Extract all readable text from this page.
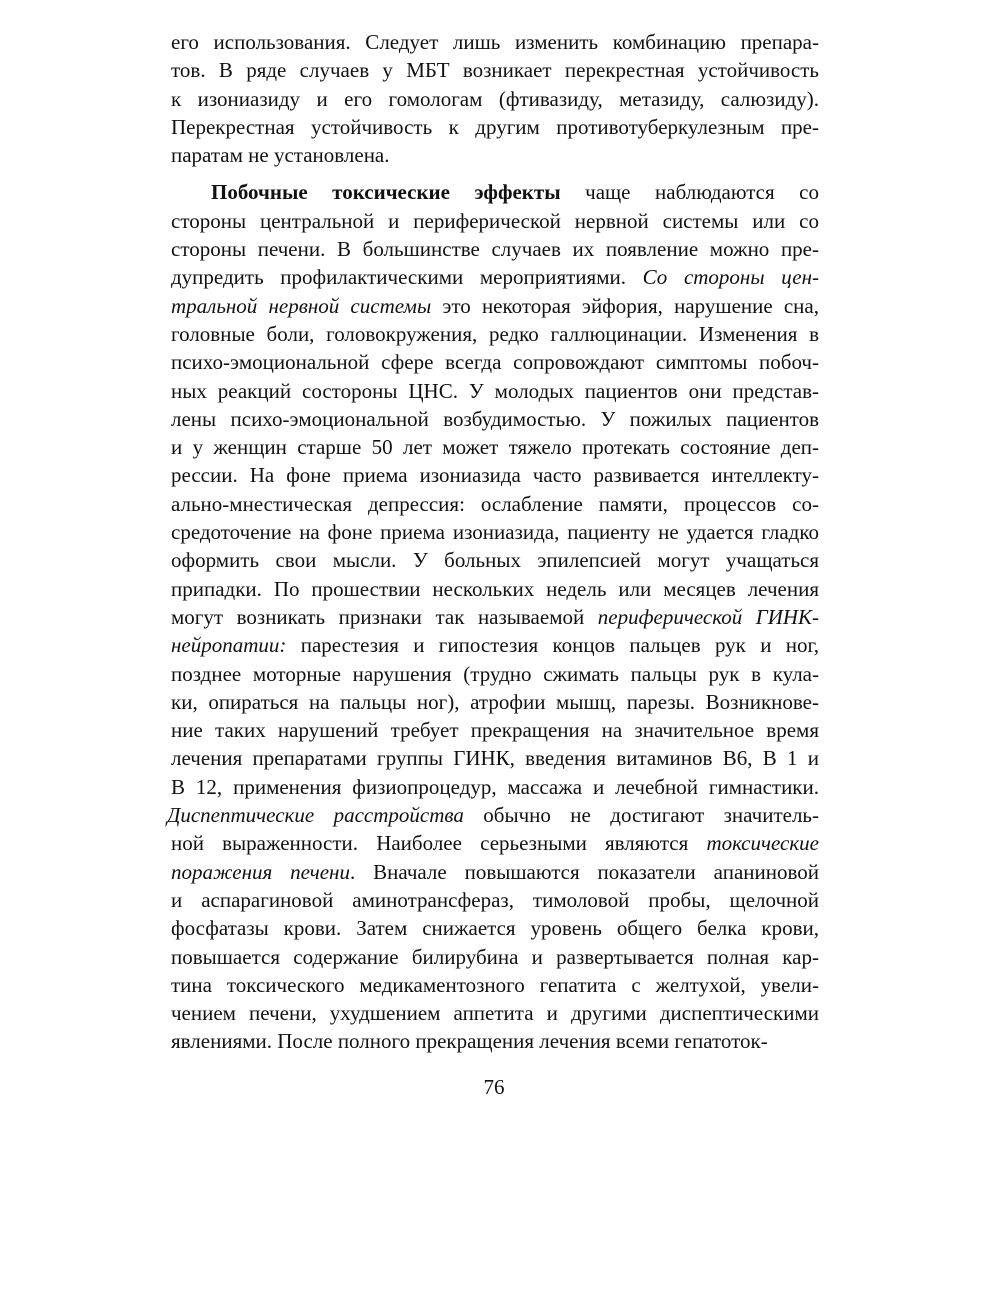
его использования. Следует лишь изменить комбинацию препара-
тов. В ряде случаев у МБТ возникает перекрестная устойчивость
к изониазиду и его гомологам (фтивазиду, метазиду, салюзиду).
Перекрестная устойчивость к другим противотуберкулезным пре-
паратам не установлена.
Побочные токсические эффекты чаще наблюдаются со
стороны центральной и периферической нервной системы или со
стороны печени. В большинстве случаев их появление можно пре-
дупредить профилактическими мероприятиями. Со стороны цен-
тральной нервной системы это некоторая эйфория, нарушение сна,
головные боли, головокружения, редко галлюцинации. Изменения в
психо-эмоциональной сфере всегда сопровождают симптомы побоч-
ных реакций состороны ЦНС. У молодых пациентов они представ-
лены психо-эмоциональной возбудимостью. У пожилых пациентов
и у женщин старше 50 лет может тяжело протекать состояние деп-
рессии. На фоне приема изониазида часто развивается интеллекту-
ально-мнестическая депрессия: ослабление памяти, процессов со-
средоточение на фоне приема изониазида, пациенту не удается гладко
оформить свои мысли. У больных эпилепсией могут учащаться
припадки. По прошествии нескольких недель или месяцев лечения
могут возникать признаки так называемой периферической ГИНК-
нейропатии: парестезия и гипостезия концов пальцев рук и ног,
позднее моторные нарушения (трудно сжимать пальцы рук в кула-
ки, опираться на пальцы ног), атрофии мышц, парезы. Возникнове-
ние таких нарушений требует прекращения на значительное время
лечения препаратами группы ГИНК, введения витаминов В6, В 1 и
В 12, применения физиопроцедур, массажа и лечебной гимнастики.
Диспептические расстройства обычно не достигают значитель-
ной выраженности. Наиболее серьезными являются токсические
поражения печени. Вначале повышаются показатели апаниновой
и аспарагиновой аминотрансфераз, тимоловой пробы, щелочной
фосфатазы крови. Затем снижается уровень общего белка крови,
повышается содержание билирубина и развертывается полная кар-
тина токсического медикаментозного гепатита с желтухой, увели-
чением печени, ухудшением аппетита и другими диспептическими
явлениями. После полного прекращения лечения всеми гепатоток-
76
